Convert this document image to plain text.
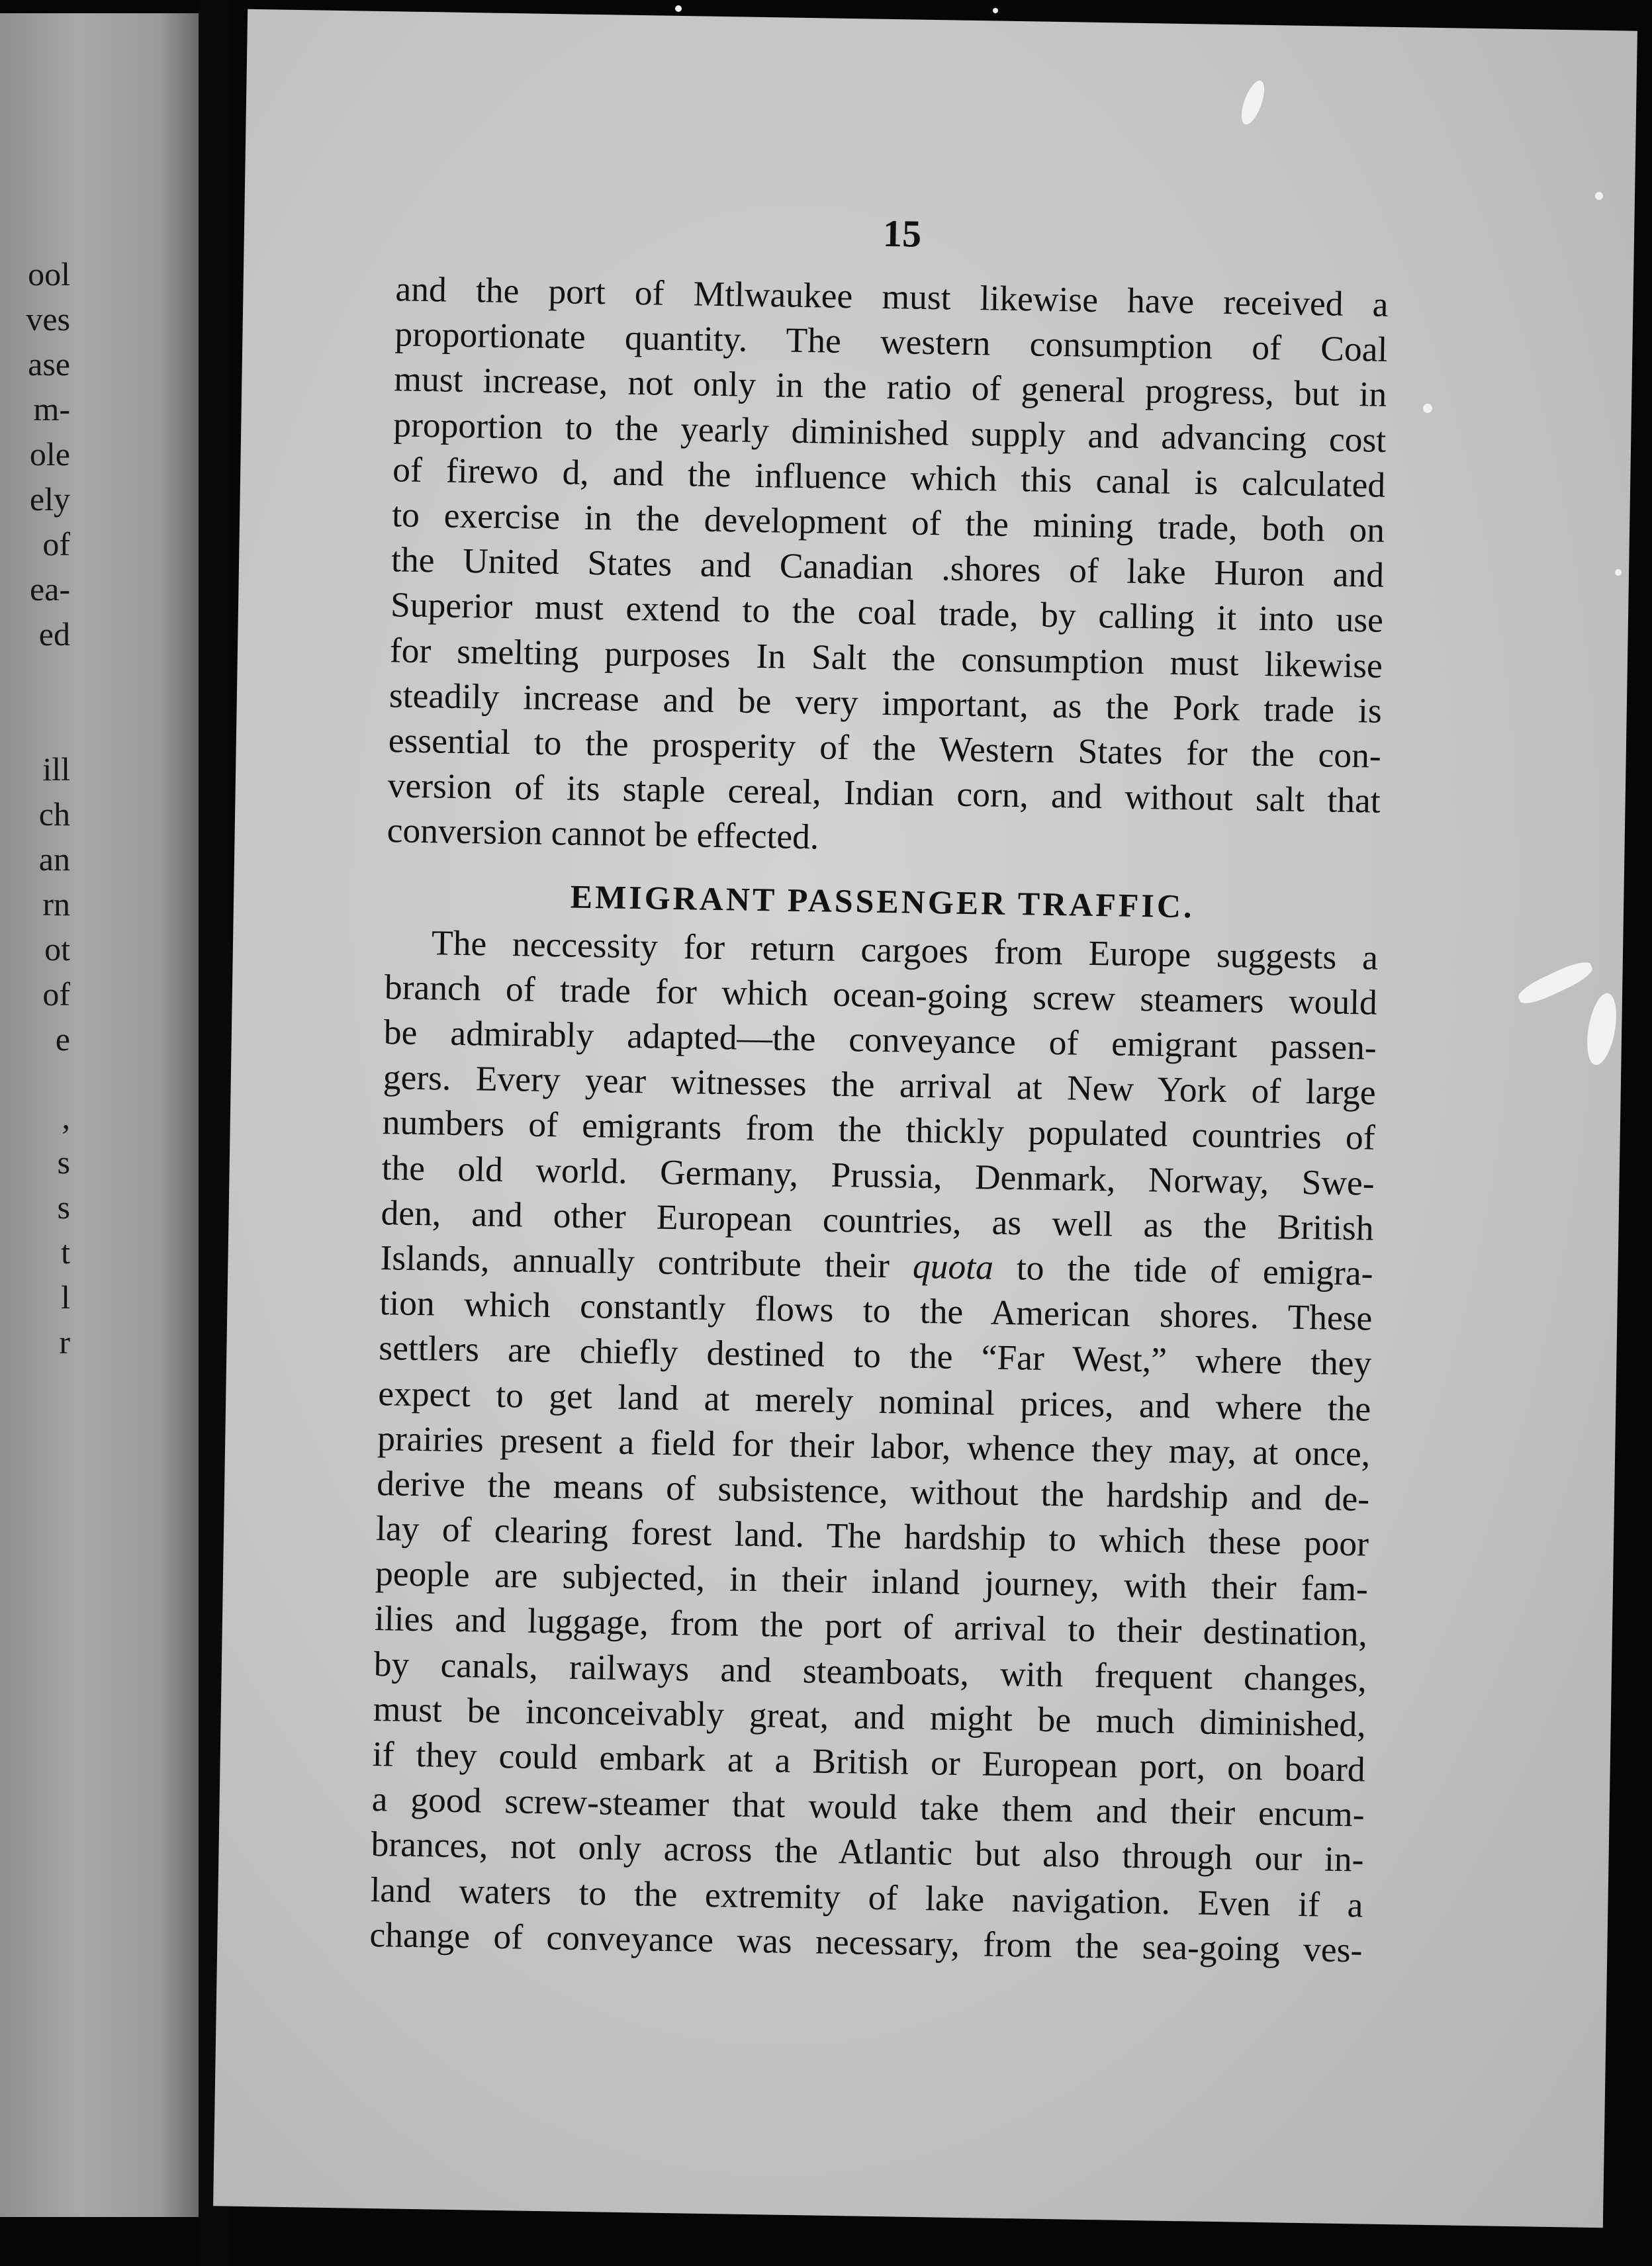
ool
ves
ase
m-
ole
ely
of
ea-
ed
ill
ch
an
rn
ot
of
e
,
s
s
t
l
r
15
and the port of Mtlwaukee must likewise have received a
proportionate quantity. The western consumption of Coal
must increase, not only in the ratio of general progress, but in
proportion to the yearly diminished supply and advancing cost
of firewo d, and the influence which this canal is calculated
to exercise in the development of the mining trade, both on
the United States and Canadian .shores of lake Huron and
Superior must extend to the coal trade, by calling it into use
for smelting purposes In Salt the consumption must likewise
steadily increase and be very important, as the Pork trade is
essential to the prosperity of the Western States for the con-
version of its staple cereal, Indian corn, and without salt that
conversion cannot be effected.
EMIGRANT PASSENGER TRAFFIC.
The neccessity for return cargoes from Europe suggests a
branch of trade for which ocean-going screw steamers would
be admirably adapted—the conveyance of emigrant passen-
gers. Every year witnesses the arrival at New York of large
numbers of emigrants from the thickly populated countries of
the old world. Germany, Prussia, Denmark, Norway, Swe-
den, and other European countries, as well as the British
Islands, annually contribute their quota to the tide of emigra-
tion which constantly flows to the American shores. These
settlers are chiefly destined to the “Far West,” where they
expect to get land at merely nominal prices, and where the
prairies present a field for their labor, whence they may, at once,
derive the means of subsistence, without the hardship and de-
lay of clearing forest land. The hardship to which these poor
people are subjected, in their inland journey, with their fam-
ilies and luggage, from the port of arrival to their destination,
by canals, railways and steamboats, with frequent changes,
must be inconceivably great, and might be much diminished,
if they could embark at a British or European port, on board
a good screw-steamer that would take them and their encum-
brances, not only across the Atlantic but also through our in-
land waters to the extremity of lake navigation. Even if a
change of conveyance was necessary, from the sea-going ves-
